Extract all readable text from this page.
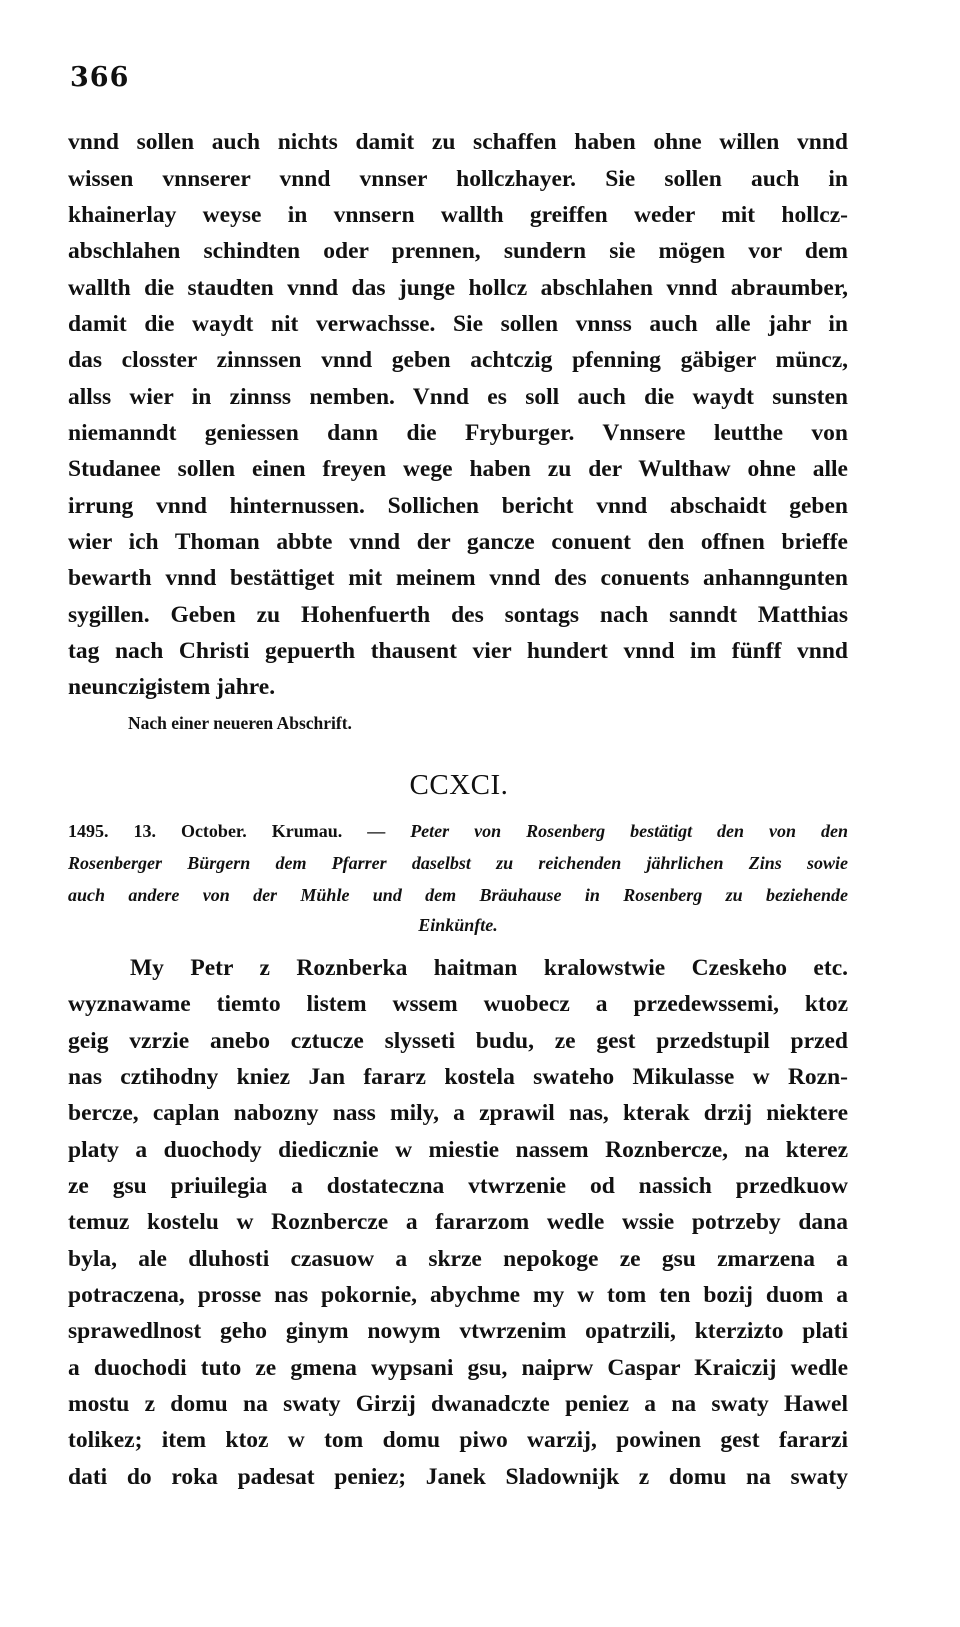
366
vnnd sollen auch nichts damit zu schaffen haben ohne willen vnnd
wissen vnnserer vnnd vnnser hollczhayer. Sie sollen auch in
khainerlay weyse in vnnsern wallth greiffen weder mit hollcz-
abschlahen schindten oder prennen, sundern sie mögen vor dem
wallth die staudten vnnd das junge hollcz abschlahen vnnd abraumber,
damit die waydt nit verwachsse. Sie sollen vnnss auch alle jahr in
das closster zinnssen vnnd geben achtczig pfenning gäbiger müncz,
allss wier in zinnss nemben. Vnnd es soll auch die waydt sunsten
niemanndt geniessen dann die Fryburger. Vnnsere leutthe von
Studanee sollen einen freyen wege haben zu der Wulthaw ohne alle
irrung vnnd hinternussen. Sollichen bericht vnnd abschaidt geben
wier ich Thoman abbte vnnd der gancze conuent den offnen brieffe
bewarth vnnd bestättiget mit meinem vnnd des conuents anhanngunten
sygillen. Geben zu Hohenfuerth des sontags nach sanndt Matthias
tag nach Christi gepuerth thausent vier hundert vnnd im fünff vnnd
neunczigistem jahre.
Nach einer neueren Abschrift.
CCXCI.
1495. 13. October. Krumau. — Peter von Rosenberg bestätigt den von den
Rosenberger Bürgern dem Pfarrer daselbst zu reichenden jährlichen Zins sowie
auch andere von der Mühle und dem Bräuhause in Rosenberg zu beziehende
Einkünfte.
My Petr z Roznberka haitman kralowstwie Czeskeho etc.
wyznawame tiemto listem wssem wuobecz a przedewssemi, ktoz
geig vzrzie anebo cztucze slysseti budu, ze gest przedstupil przed
nas cztihodny kniez Jan fararz kostela swateho Mikulasse w Rozn-
bercze, caplan nabozny nass mily, a zprawil nas, kterak drzij niektere
platy a duochody diedicznie w miestie nassem Roznbercze, na kterez
ze gsu priuilegia a dostateczna vtwrzenie od nassich przedkuow
temuz kostelu w Roznbercze a fararzom wedle wssie potrzeby dana
byla, ale dluhosti czasuow a skrze nepokoge ze gsu zmarzena a
potraczena, prosse nas pokornie, abychme my w tom ten bozij duom a
sprawedlnost geho ginym nowym vtwrzenim opatrzili, kterzizto plati
a duochodi tuto ze gmena wypsani gsu, naiprw Caspar Kraiczij wedle
mostu z domu na swaty Girzij dwanadczte peniez a na swaty Hawel
tolikez; item ktoz w tom domu piwo warzij, powinen gest fararzi
dati do roka padesat peniez; Janek Sladownijk z domu na swaty
